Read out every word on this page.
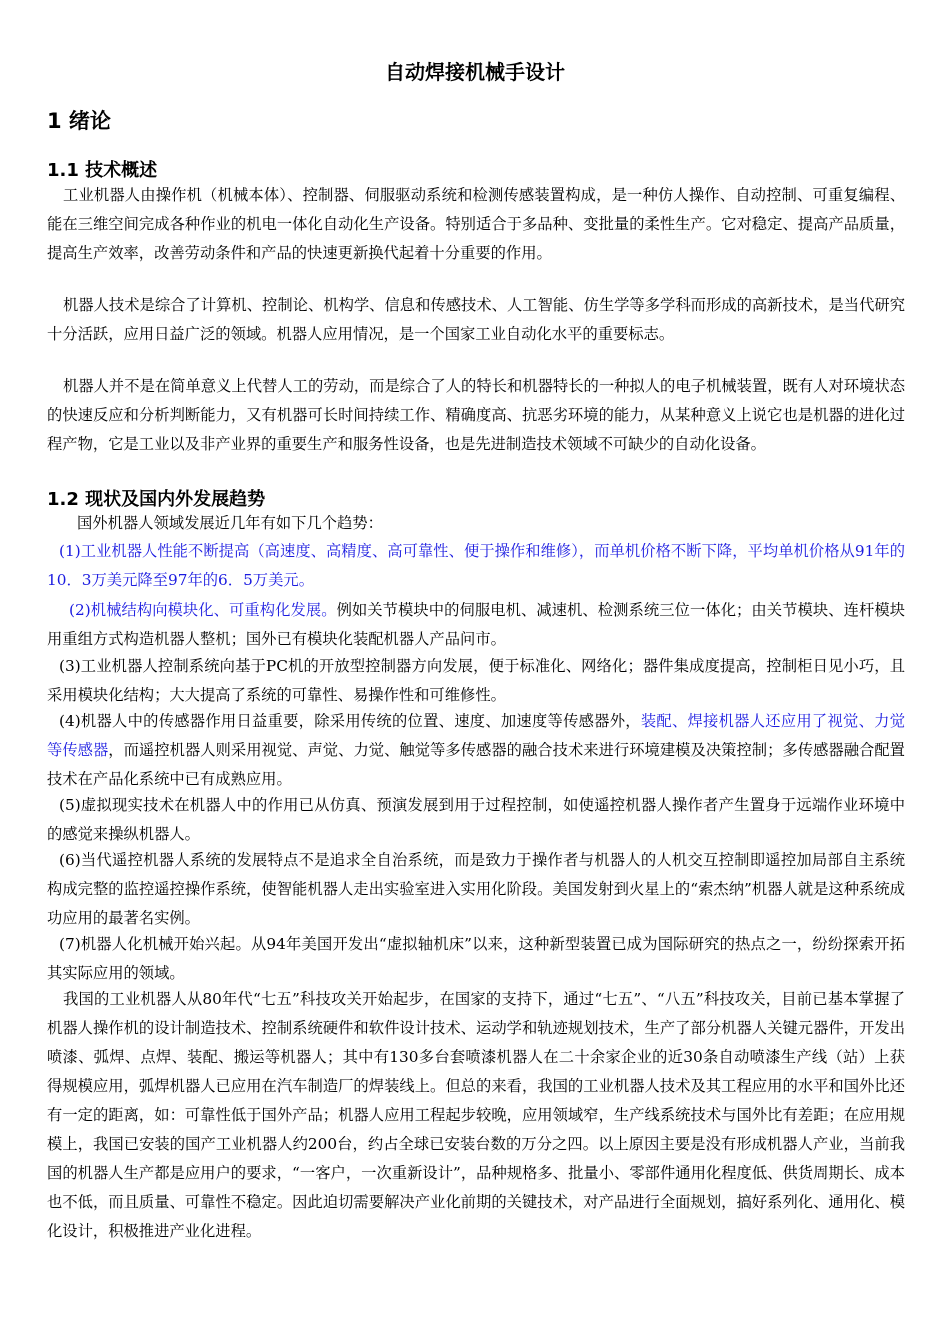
自动焊接机械手设计
1 绪论
1.1 技术概述

工业机器人由操作机（机械本体）、控制器、伺服驱动系统和检测传感装置构成，是一种仿人操作、自动控制、可重复编程、能在三维空间完成各种作业的机电一体化自动化生产设备。特别适合于多品种、变批量的柔性生产。它对稳定、提高产品质量，提高生产效率，改善劳动条件和产品的快速更新换代起着十分重要的作用。

机器人技术是综合了计算机、控制论、机构学、信息和传感技术、人工智能、仿生学等多学科而形成的高新技术，是当代研究十分活跃，应用日益广泛的领域。机器人应用情况，是一个国家工业自动化水平的重要标志。

机器人并不是在简单意义上代替人工的劳动，而是综合了人的特长和机器特长的一种拟人的电子机械装置，既有人对环境状态的快速反应和分析判断能力，又有机器可长时间持续工作、精确度高、抗恶劣环境的能力，从某种意义上说它也是机器的进化过程产物，它是工业以及非产业界的重要生产和服务性设备，也是先进制造技术领域不可缺少的自动化设备。

1.2 现状及国内外发展趋势

国外机器人领域发展近几年有如下几个趋势：

(1)工业机器人性能不断提高（高速度、高精度、高可靠性、便于操作和维修），而单机价格不断下降，平均单机价格从91年的10．3万美元降至97年的6．5万美元。

(2)机械结构向模块化、可重构化发展。例如关节模块中的伺服电机、减速机、检测系统三位一体化；由关节模块、连杆模块用重组方式构造机器人整机；国外已有模块化装配机器人产品问市。

(3)工业机器人控制系统向基于PC机的开放型控制器方向发展，便于标准化、网络化；器件集成度提高，控制柜日见小巧，且采用模块化结构；大大提高了系统的可靠性、易操作性和可维修性。

(4)机器人中的传感器作用日益重要，除采用传统的位置、速度、加速度等传感器外，装配、焊接机器人还应用了视觉、力觉等传感器，而遥控机器人则采用视觉、声觉、力觉、触觉等多传感器的融合技术来进行环境建模及决策控制；多传感器融合配置技术在产品化系统中已有成熟应用。

(5)虚拟现实技术在机器人中的作用已从仿真、预演发展到用于过程控制，如使遥控机器人操作者产生置身于远端作业环境中的感觉来操纵机器人。

(6)当代遥控机器人系统的发展特点不是追求全自治系统，而是致力于操作者与机器人的人机交互控制即遥控加局部自主系统构成完整的监控遥控操作系统，使智能机器人走出实验室进入实用化阶段。美国发射到火星上的“索杰纳”机器人就是这种系统成功应用的最著名实例。

(7)机器人化机械开始兴起。从94年美国开发出“虚拟轴机床”以来，这种新型装置已成为国际研究的热点之一，纷纷探索开拓其实际应用的领域。

我国的工业机器人从80年代“七五”科技攻关开始起步，在国家的支持下，通过“七五”、“八五”科技攻关，目前已基本掌握了机器人操作机的设计制造技术、控制系统硬件和软件设计技术、运动学和轨迹规划技术，生产了部分机器人关键元器件，开发出喷漆、弧焊、点焊、装配、搬运等机器人；其中有130多台套喷漆机器人在二十余家企业的近30条自动喷漆生产线（站）上获得规模应用，弧焊机器人已应用在汽车制造厂的焊装线上。但总的来看，我国的工业机器人技术及其工程应用的水平和国外比还有一定的距离，如：可靠性低于国外产品；机器人应用工程起步较晚，应用领域窄，生产线系统技术与国外比有差距；在应用规模上，我国已安装的国产工业机器人约200台，约占全球已安装台数的万分之四。以上原因主要是没有形成机器人产业，当前我国的机器人生产都是应用户的要求，“一客户，一次重新设计”，品种规格多、批量小、零部件通用化程度低、供货周期长、成本也不低，而且质量、可靠性不稳定。因此迫切需要解决产业化前期的关键技术，对产品进行全面规划，搞好系列化、通用化、模化设计，积极推进产业化进程。
